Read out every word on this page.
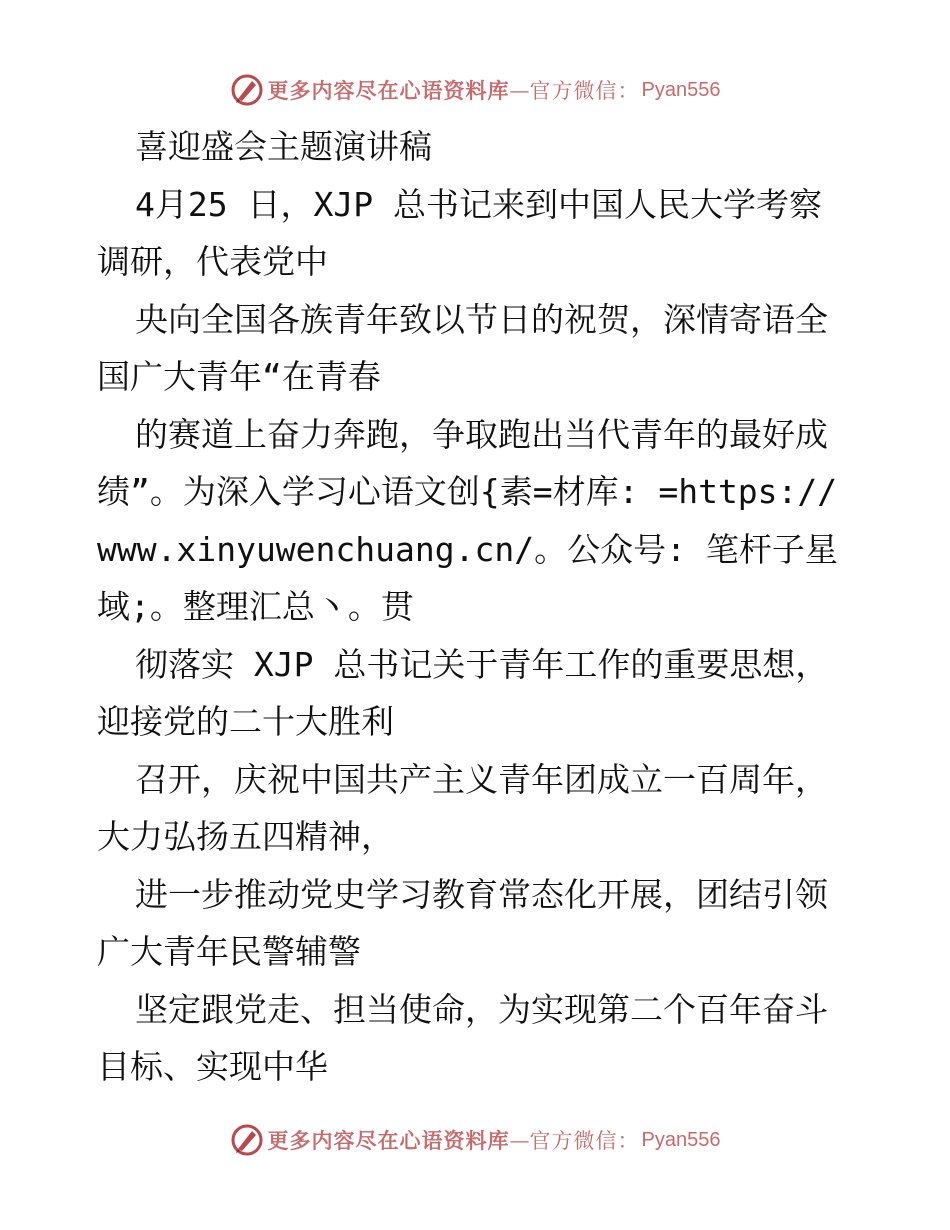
更多内容尽在心语资料库 — 官方微信： Pyan556
喜迎盛会主题演讲稿
4月25 日，XJP 总书记来到中国人民大学考察
调研，代表党中
央向全国各族青年致以节日的祝贺，深情寄语全
国广大青年“在青春
的赛道上奋力奔跑，争取跑出当代青年的最好成
绩”。为深入学习心语文创{素=材库: =https://
www.xinyuwenchuang.cn/。公众号: 笔杆子星
域;。整理汇总丶。贯
彻落实 XJP 总书记关于青年工作的重要思想，
迎接党的二十大胜利
召开，庆祝中国共产主义青年团成立一百周年，
大力弘扬五四精神，
进一步推动党史学习教育常态化开展，团结引领
广大青年民警辅警
坚定跟党走、担当使命，为实现第二个百年奋斗
目标、实现中华
更多内容尽在心语资料库 — 官方微信： Pyan556
